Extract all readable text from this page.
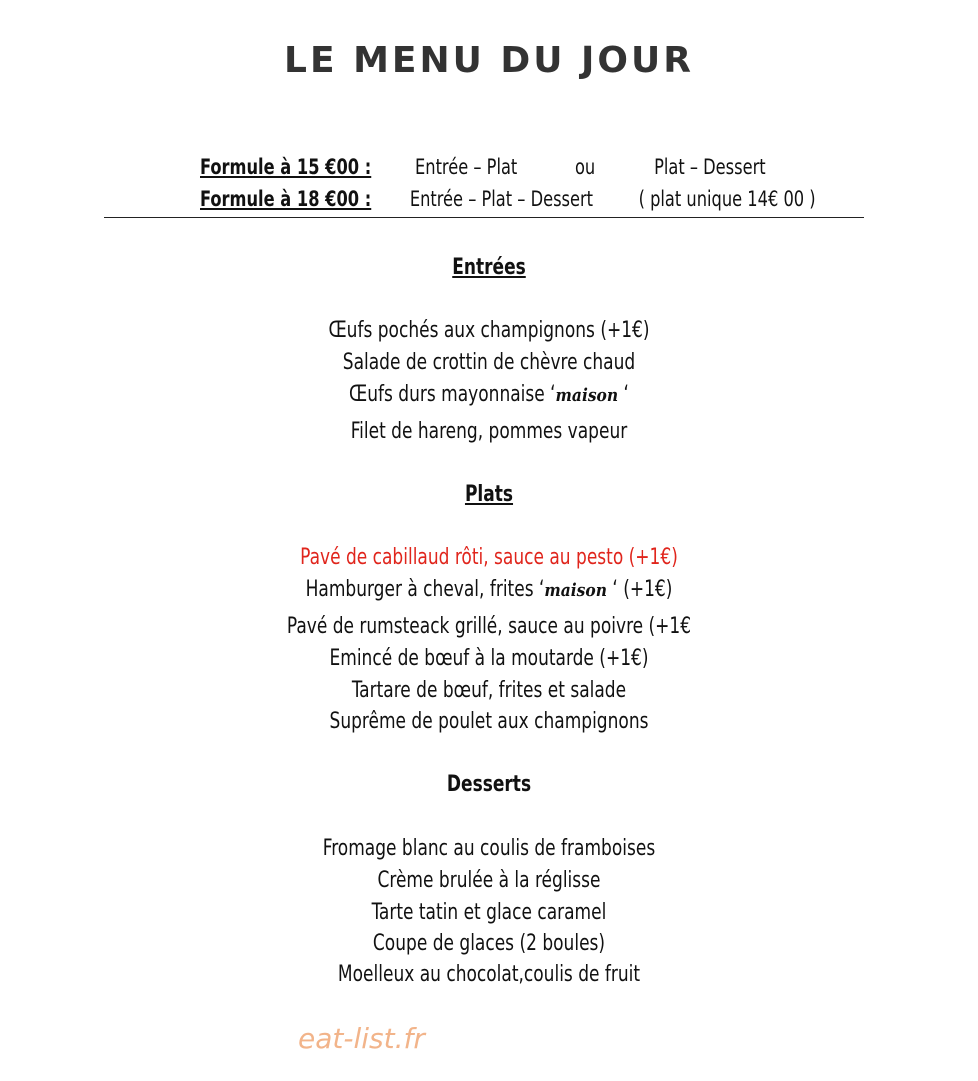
LE MENU DU JOUR
Formule à 15 €00 : Entrée – Plat	ou	Plat – Dessert
Formule à 18 €00 : Entrée – Plat – Dessert ( plat unique 14€ 00 )
Entrées
Œufs pochés aux champignons (+1€)
Salade de crottin de chèvre chaud
Œufs durs mayonnaise ‘maison ‘
Filet de hareng, pommes vapeur
Plats
Pavé de cabillaud rôti, sauce au pesto (+1€)
Hamburger à cheval, frites ‘maison ‘ (+1€)
Pavé de rumsteack grillé, sauce au poivre (+1€
Emincé de bœuf à la moutarde (+1€)
Tartare de bœuf, frites et salade
Suprême de poulet aux champignons
Desserts
Fromage blanc au coulis de framboises
Crème brulée à la réglisse
Tarte tatin et glace caramel
Coupe de glaces (2 boules)
Moelleux au chocolat,coulis de fruit
eat-list.fr
